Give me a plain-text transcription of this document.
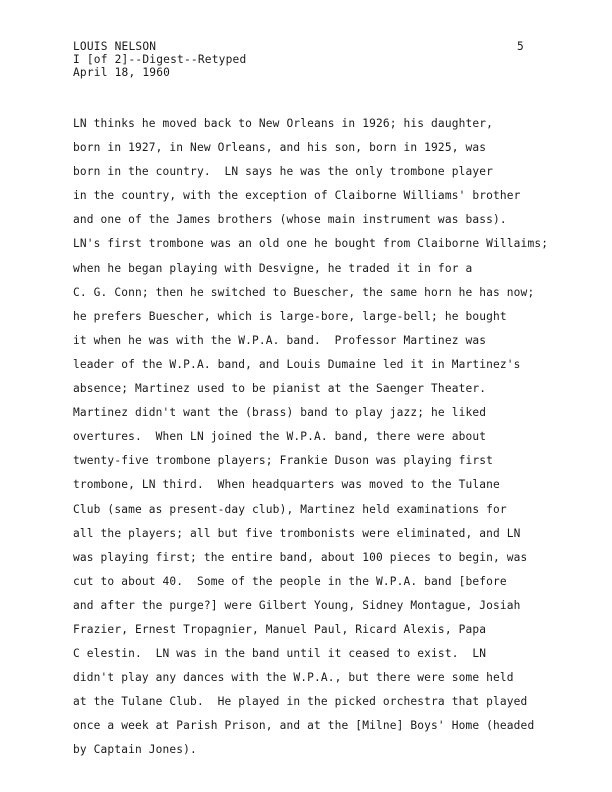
LOUIS NELSON
I [of 2]--Digest--Retyped
April 18, 1960
5
LN thinks he moved back to New Orleans in 1926; his daughter,
born in 1927, in New Orleans, and his son, born in 1925, was
born in the country.  LN says he was the only trombone player
in the country, with the exception of Claiborne Williams' brother
and one of the James brothers (whose main instrument was bass).
LN's first trombone was an old one he bought from Claiborne Willaims;
when he began playing with Desvigne, he traded it in for a
C. G. Conn; then he switched to Buescher, the same horn he has now;
he prefers Buescher, which is large-bore, large-bell; he bought
it when he was with the W.P.A. band.  Professor Martinez was
leader of the W.P.A. band, and Louis Dumaine led it in Martinez's
absence; Martinez used to be pianist at the Saenger Theater.
Martinez didn't want the (brass) band to play jazz; he liked
overtures.  When LN joined the W.P.A. band, there were about
twenty-five trombone players; Frankie Duson was playing first
trombone, LN third.  When headquarters was moved to the Tulane
Club (same as present-day club), Martinez held examinations for
all the players; all but five trombonists were eliminated, and LN
was playing first; the entire band, about 100 pieces to begin, was
cut to about 40.  Some of the people in the W.P.A. band [before
and after the purge?] were Gilbert Young, Sidney Montague, Josiah
Frazier, Ernest Tropagnier, Manuel Paul, Ricard Alexis, Papa
C elestin.  LN was in the band until it ceased to exist.  LN
didn't play any dances with the W.P.A., but there were some held
at the Tulane Club.  He played in the picked orchestra that played
once a week at Parish Prison, and at the [Milne] Boys' Home (headed
by Captain Jones).
